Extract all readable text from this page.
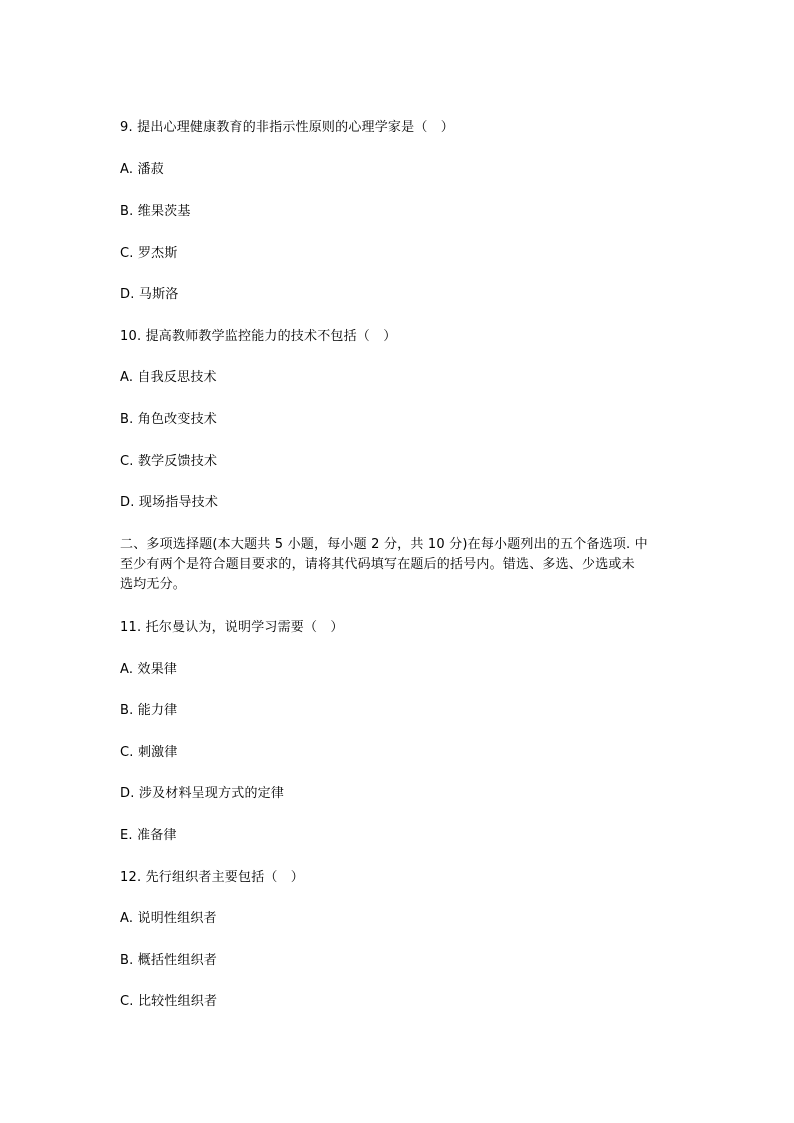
9. 提出心理健康教育的非指示性原则的心理学家是（　）
A. 潘菽
B. 维果茨基
C. 罗杰斯
D. 马斯洛
10. 提高教师教学监控能力的技术不包括（　）
A. 自我反思技术
B. 角色改变技术
C. 教学反馈技术
D. 现场指导技术
二、多项选择题(本大题共 5 小题，每小题 2 分，共 10 分)在每小题列出的五个备选项. 中
至少有两个是符合题目要求的，请将其代码填写在题后的括号内。错选、多选、少选或未
选均无分。
11. 托尔曼认为，说明学习需要（　）
A. 效果律
B. 能力律
C. 刺激律
D. 涉及材料呈现方式的定律
E. 准备律
12. 先行组织者主要包括（　）
A. 说明性组织者
B. 概括性组织者
C. 比较性组织者
